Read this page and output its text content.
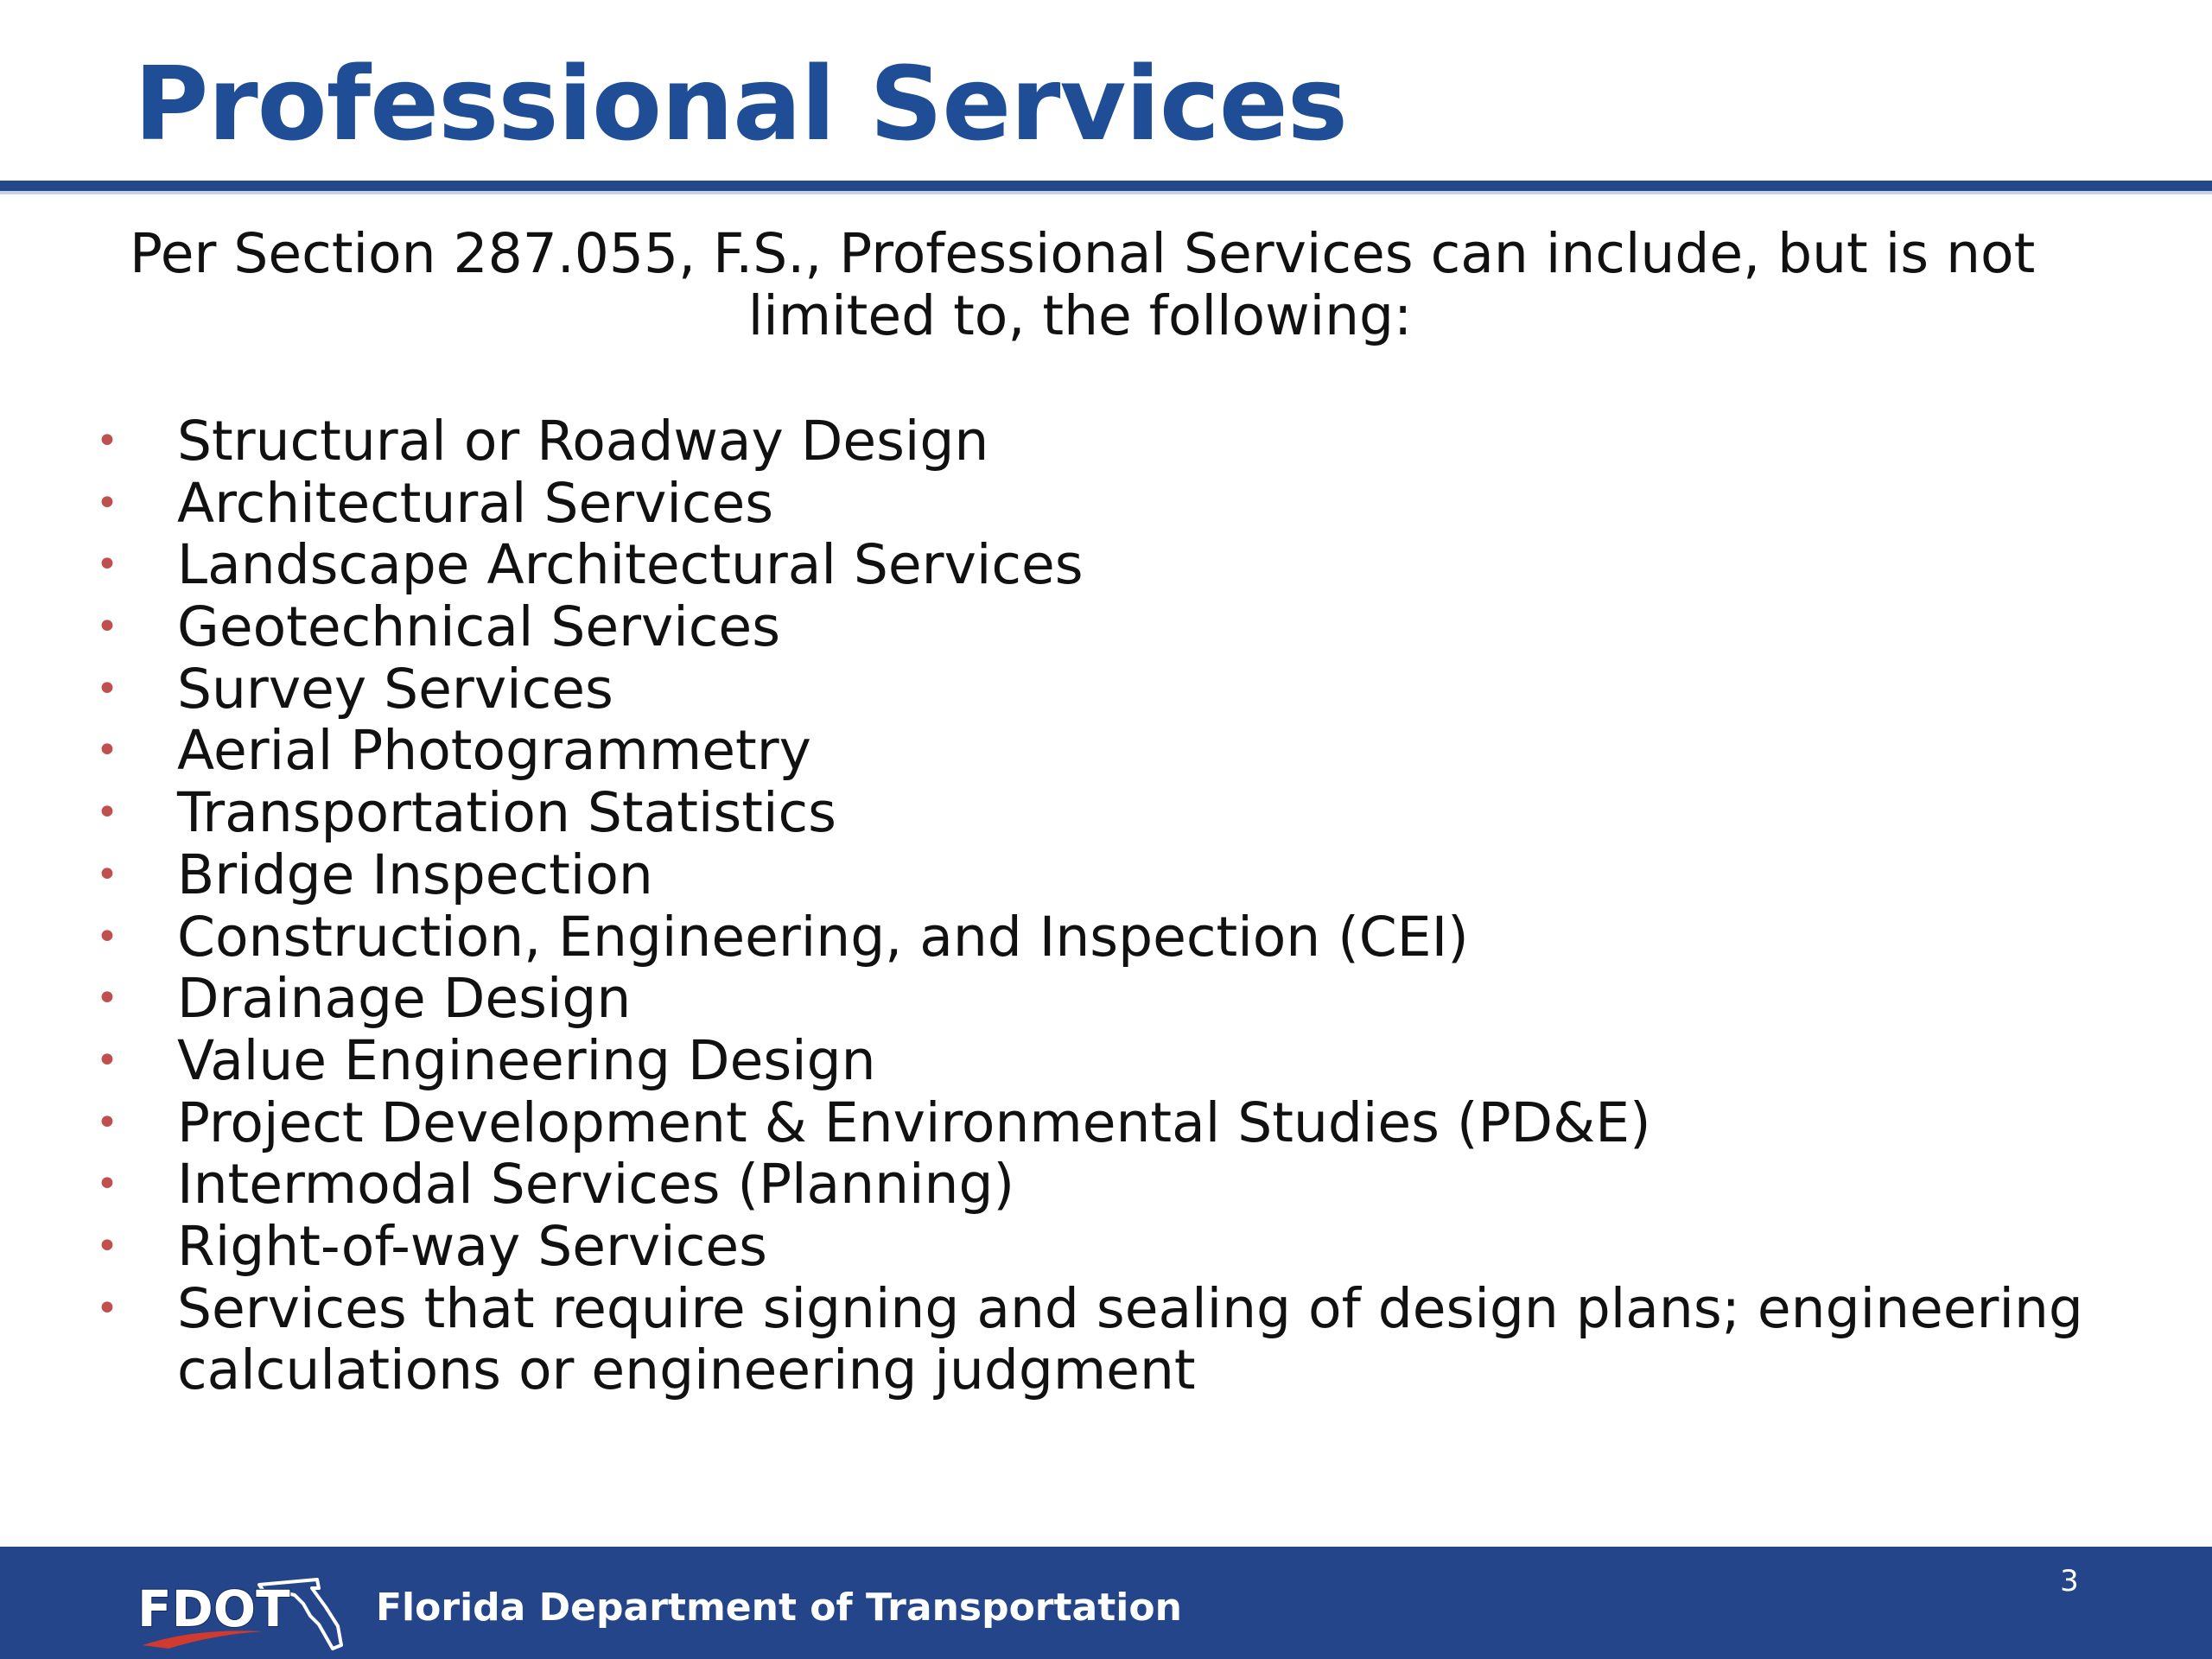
Professional Services
Per Section 287.055, F.S., Professional Services can include, but is not
limited to, the following:
• Structural or Roadway Design
• Architectural Services
• Landscape Architectural Services
• Geotechnical Services
• Survey Services
• Aerial Photogrammetry
• Transportation Statistics
• Bridge Inspection
• Construction, Engineering, and Inspection (CEI)
• Drainage Design
• Value Engineering Design
• Project Development & Environmental Studies (PD&E)
• Intermodal Services (Planning)
• Right-of-way Services
• Services that require signing and sealing of design plans; engineering
calculations or engineering judgment
FDOT Florida Department of Transportation
3
